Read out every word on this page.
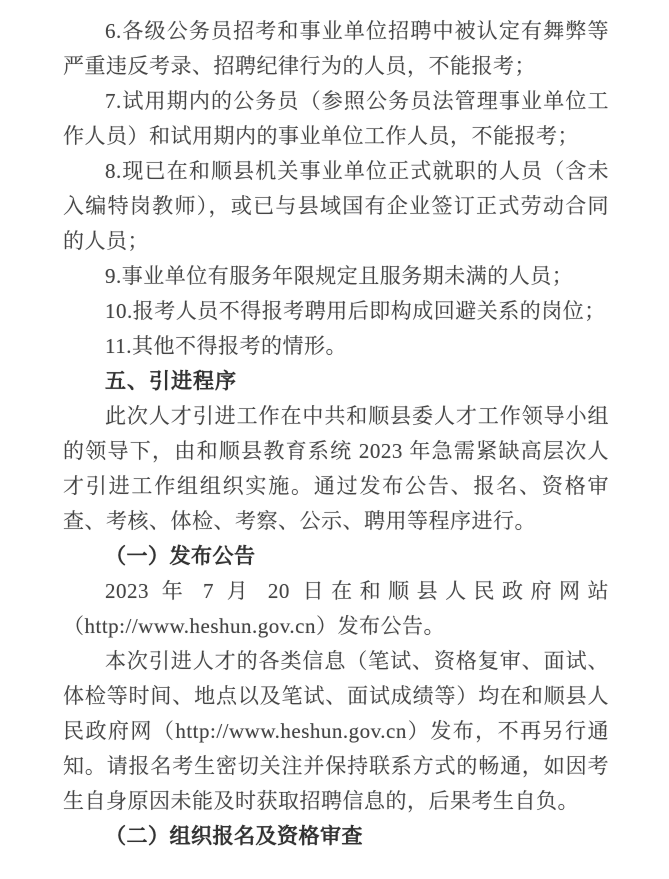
6.各级公务员招考和事业单位招聘中被认定有舞弊等严重违反考录、招聘纪律行为的人员，不能报考；

7.试用期内的公务员（参照公务员法管理事业单位工作人员）和试用期内的事业单位工作人员，不能报考；

8.现已在和顺县机关事业单位正式就职的人员（含未入编特岗教师），或已与县域国有企业签订正式劳动合同的人员；

9.事业单位有服务年限规定且服务期未满的人员；

10.报考人员不得报考聘用后即构成回避关系的岗位；

11.其他不得报考的情形。

五、引进程序

此次人才引进工作在中共和顺县委人才工作领导小组的领导下，由和顺县教育系统 2023 年急需紧缺高层次人才引进工作组组织实施。通过发布公告、报名、资格审查、考核、体检、考察、公示、聘用等程序进行。

（一）发布公告

2023 年 7 月 20 日在和顺县人民政府网站（http://www.heshun.gov.cn）发布公告。

本次引进人才的各类信息（笔试、资格复审、面试、体检等时间、地点以及笔试、面试成绩等）均在和顺县人民政府网（http://www.heshun.gov.cn）发布，不再另行通知。请报名考生密切关注并保持联系方式的畅通，如因考生自身原因未能及时获取招聘信息的，后果考生自负。

（二）组织报名及资格审查
